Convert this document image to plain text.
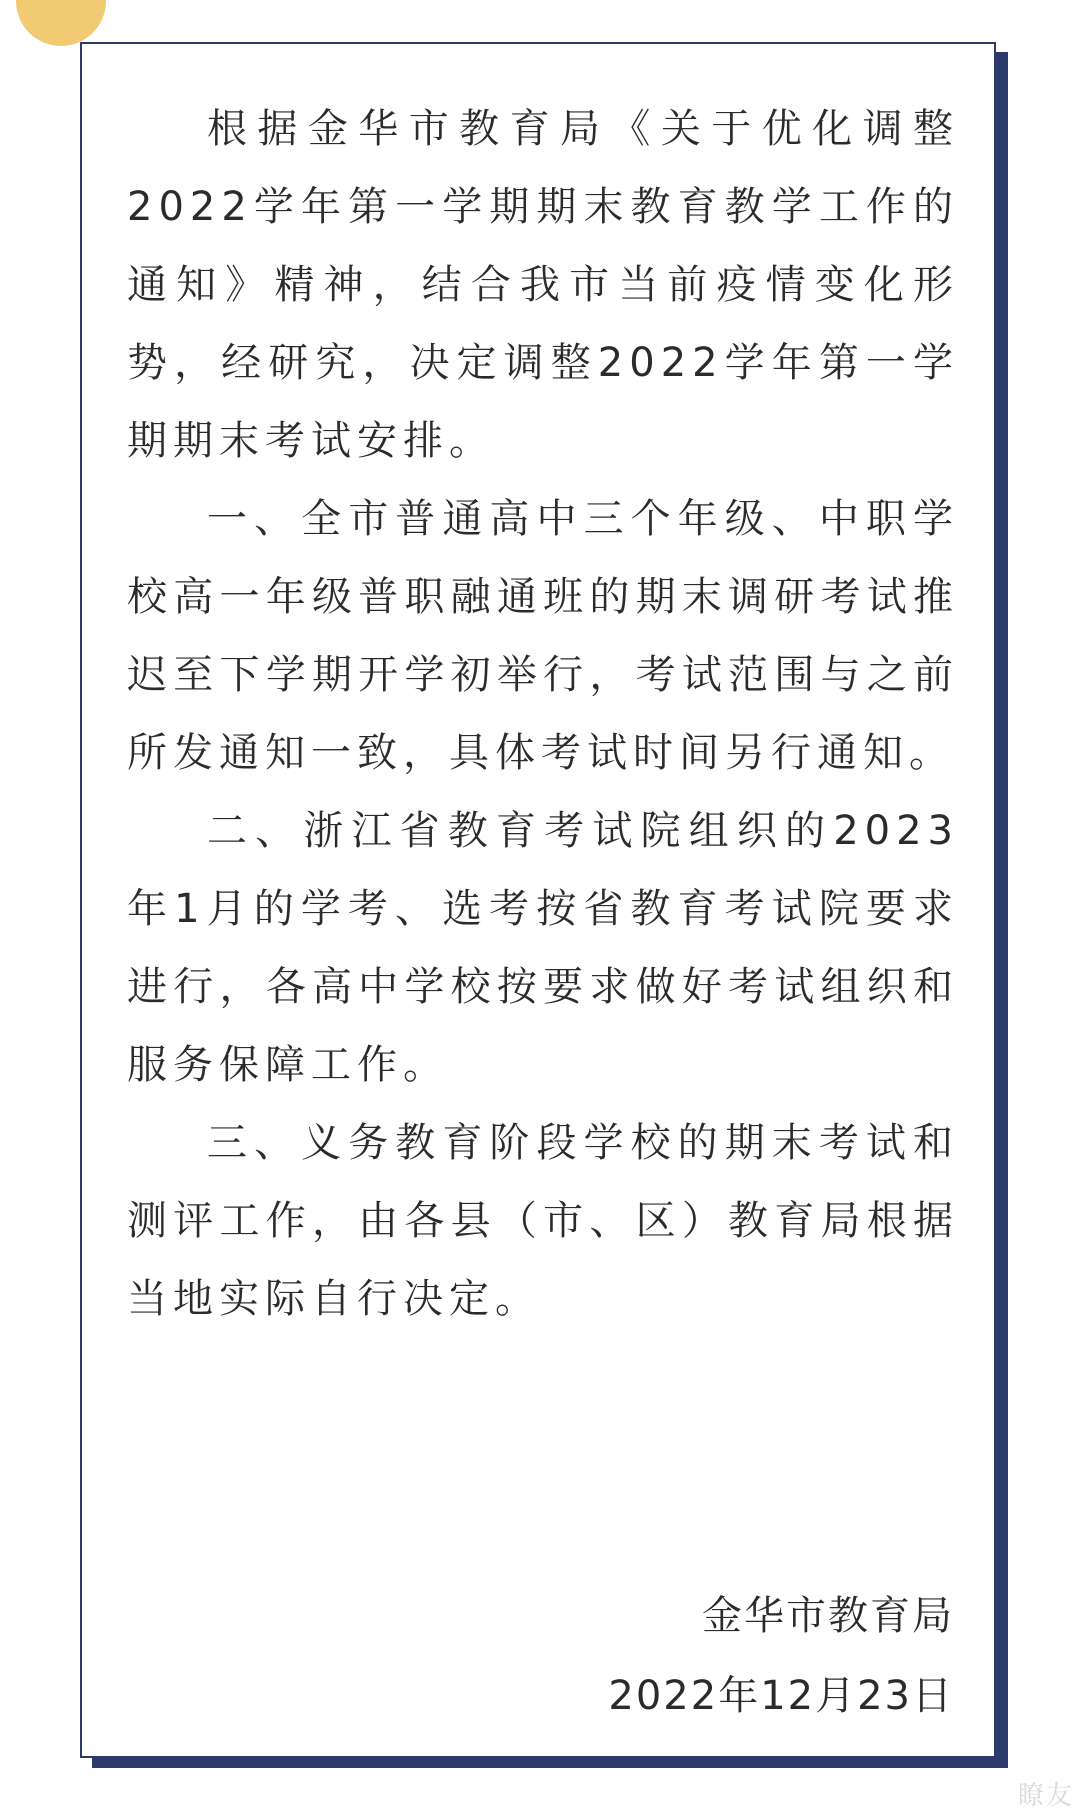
根据金华市教育局《关于优化调整2022学年第一学期期末教育教学工作的通知》精神，结合我市当前疫情变化形势，经研究，决定调整2022学年第一学期期末考试安排。

一、全市普通高中三个年级、中职学校高一年级普职融通班的期末调研考试推迟至下学期开学初举行，考试范围与之前所发通知一致，具体考试时间另行通知。

二、浙江省教育考试院组织的2023年1月的学考、选考按省教育考试院要求进行，各高中学校按要求做好考试组织和服务保障工作。

三、义务教育阶段学校的期末考试和测评工作，由各县（市、区）教育局根据当地实际自行决定。

金华市教育局
2022年12月23日
瞭友
